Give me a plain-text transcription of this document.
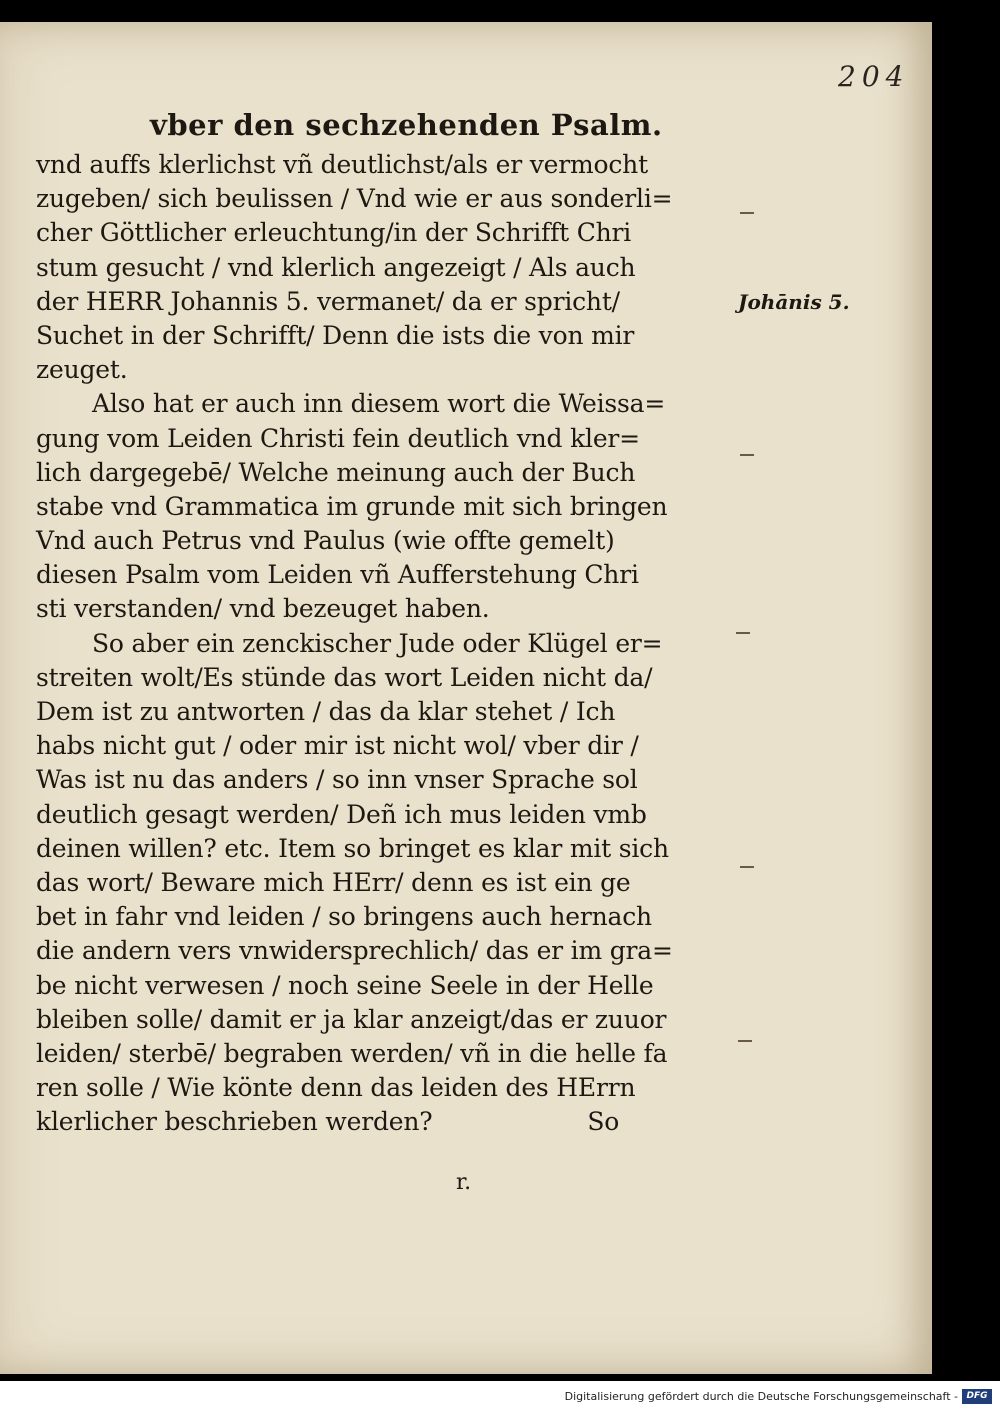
204
vber den sechzehenden Psalm.
vnd auffs klerlichst vñ deutlichst/als er vermocht
zugeben/ sich beulissen / Vnd wie er aus sonderli=
cher Göttlicher erleuchtung/in der Schrifft Chri
stum gesucht / vnd klerlich angezeigt / Als auch
der HERR Johannis 5. vermanet/ da er spricht/
Suchet in der Schrifft/ Denn die ists die von mir
zeuget.
Also hat er auch inn diesem wort die Weissa=
gung vom Leiden Christi fein deutlich vnd kler=
lich dargegebē/ Welche meinung auch der Buch
stabe vnd Grammatica im grunde mit sich bringen
Vnd auch Petrus vnd Paulus (wie offte gemelt)
diesen Psalm vom Leiden vñ Aufferstehung Chri
sti verstanden/ vnd bezeuget haben.
So aber ein zenckischer Jude oder Klügel er=
streiten wolt/Es stünde das wort Leiden nicht da/
Dem ist zu antworten / das da klar stehet / Ich
habs nicht gut / oder mir ist nicht wol/ vber dir /
Was ist nu das anders / so inn vnser Sprache sol
deutlich gesagt werden/ Deñ ich mus leiden vmb
deinen willen? etc. Item so bringet es klar mit sich
das wort/ Beware mich HErr/ denn es ist ein ge
bet in fahr vnd leiden / so bringens auch hernach
die andern vers vnwidersprechlich/ das er im gra=
be nicht verwesen / noch seine Seele in der Helle
bleiben solle/ damit er ja klar anzeigt/das er zuuor
leiden/ sterbē/ begraben werden/ vñ in die helle fa
ren solle / Wie könte denn das leiden des HErrn
klerlicher beschrieben werden?                    So
Johānis 5.
r.
Digitalisierung gefördert durch die Deutsche Forschungsgemeinschaft - DFG
